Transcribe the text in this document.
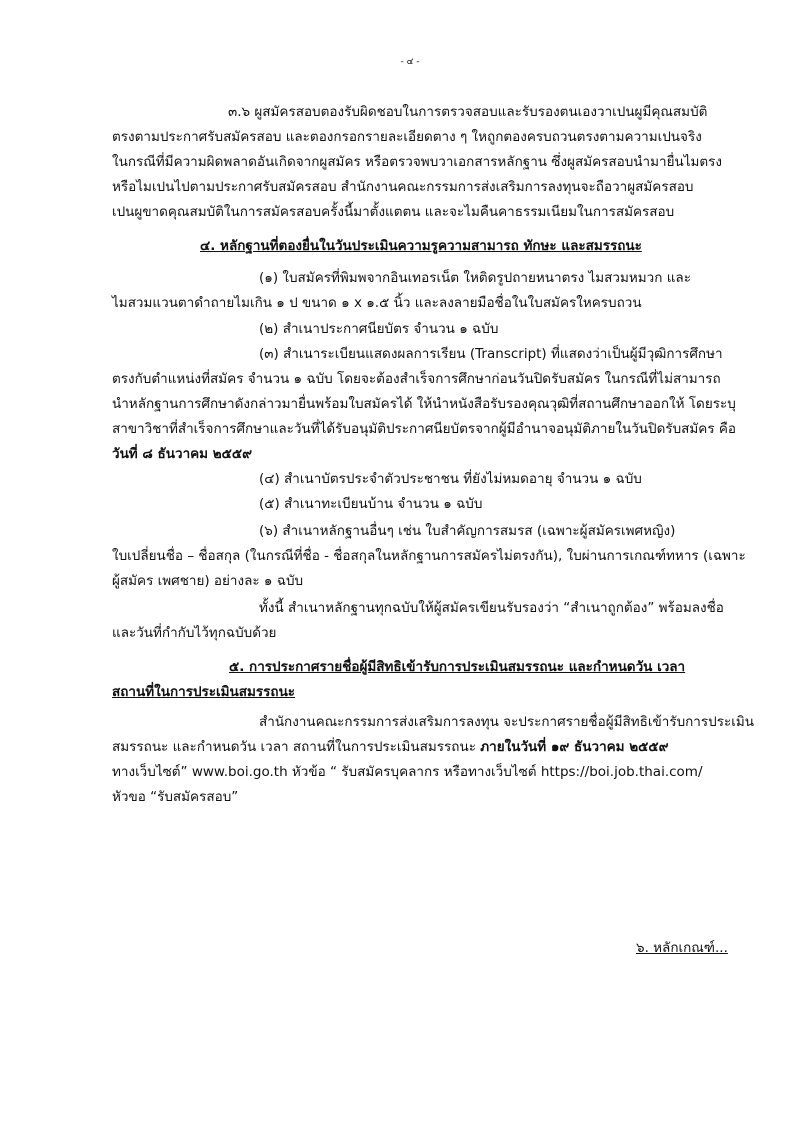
- ๔ -
๓.๖ ผูสมัครสอบตองรับผิดชอบในการตรวจสอบและรับรองตนเองวาเปนผูมีคุณสมบัติ
ตรงตามประกาศรับสมัครสอบ และตองกรอกรายละเอียดตาง ๆ ใหถูกตองครบถวนตรงตามความเปนจริง
ในกรณีที่มีความผิดพลาดอันเกิดจากผูสมัคร หรือตรวจพบวาเอกสารหลักฐาน ซึ่งผูสมัครสอบนํามายื่นไมตรง
หรือไมเปนไปตามประกาศรับสมัครสอบ สํานักงานคณะกรรมการส่งเสริมการลงทุนจะถือวาผูสมัครสอบ
เปนผูขาดคุณสมบัติในการสมัครสอบครั้งนี้มาตั้งแตตน และจะไมคืนคาธรรมเนียมในการสมัครสอบ
๔. หลักฐานที่ตองยื่นในวันประเมินความรูความสามารถ ทักษะ และสมรรถนะ
(๑) ใบสมัครที่พิมพจากอินเทอรเน็ต ใหติดรูปถายหนาตรง ไมสวมหมวก และ
ไมสวมแวนตาดําถายไมเกิน ๑ ป ขนาด ๑ x ๑.๕ นิ้ว และลงลายมือชื่อในใบสมัครใหครบถวน
(๒) สําเนาประกาศนียบัตร จํานวน ๑ ฉบับ
(๓) สําเนาระเบียนแสดงผลการเรียน (Transcript) ที่แสดงว่าเป็นผู้มีวุฒิการศึกษา
ตรงกับตําแหน่งที่สมัคร จํานวน ๑ ฉบับ โดยจะต้องสําเร็จการศึกษาก่อนวันปิดรับสมัคร ในกรณีที่ไม่สามารถ
นําหลักฐานการศึกษาดังกล่าวมายื่นพร้อมใบสมัครได้ ให้นําหนังสือรับรองคุณวุฒิที่สถานศึกษาออกให้ โดยระบุ
สาขาวิชาที่สําเร็จการศึกษาและวันที่ได้รับอนุมัติประกาศนียบัตรจากผู้มีอํานาจอนุมัติภายในวันปิดรับสมัคร คือ
วันที่ ๘ ธันวาคม ๒๕๕๙
(๔) สําเนาบัตรประจําตัวประชาชน ที่ยังไม่หมดอายุ จํานวน ๑ ฉบับ
(๕) สําเนาทะเบียนบ้าน จํานวน ๑ ฉบับ
(๖) สําเนาหลักฐานอื่นๆ เช่น ใบสําคัญการสมรส (เฉพาะผู้สมัครเพศหญิง)
ใบเปลี่ยนชื่อ – ชื่อสกุล (ในกรณีที่ชื่อ - ชื่อสกุลในหลักฐานการสมัครไม่ตรงกัน), ใบผ่านการเกณฑ์ทหาร (เฉพาะ
ผู้สมัคร เพศชาย) อย่างละ ๑ ฉบับ
ทั้งนี้ สําเนาหลักฐานทุกฉบับให้ผู้สมัครเขียนรับรองว่า “สําเนาถูกต้อง” พร้อมลงชื่อ
และวันที่กำกับไว้ทุกฉบับด้วย
๕. การประกาศรายชื่อผู้มีสิทธิเข้ารับการประเมินสมรรถนะ และกําหนดวัน เวลา
สถานที่ในการประเมินสมรรถนะ
สํานักงานคณะกรรมการส่งเสริมการลงทุน จะประกาศรายชื่อผู้มีสิทธิเข้ารับการประเมิน
สมรรถนะ และกําหนดวัน เวลา สถานที่ในการประเมินสมรรถนะ ภายในวันที่ ๑๙ ธันวาคม ๒๕๕๙
ทางเว็บไซต์” www.boi.go.th หัวข้อ “ รับสมัครบุคลากร หรือทางเว็บไซต์ https://boi.job.thai.com/
หัวขอ “รับสมัครสอบ”
๖. หลักเกณฑ์...
